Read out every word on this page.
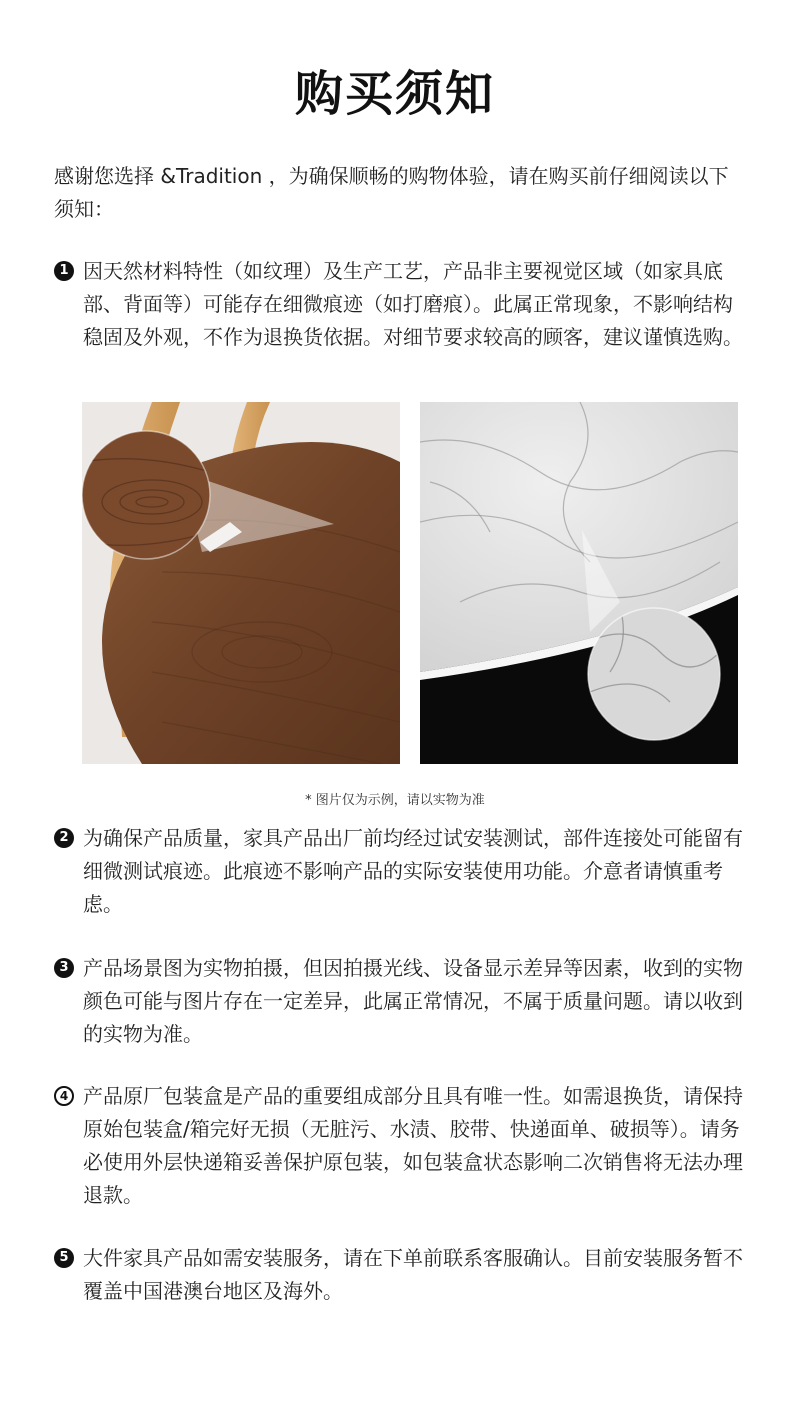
购买须知
感谢您选择 &Tradition ，为确保顺畅的购物体验，请在购买前仔细阅读以下须知：
1 因天然材料特性（如纹理）及生产工艺，产品非主要视觉区域（如家具底部、背面等）可能存在细微痕迹（如打磨痕）。此属正常现象，不影响结构稳固及外观，不作为退换货依据。对细节要求较高的顾客，建议谨慎选购。
* 图片仅为示例，请以实物为准
2 为确保产品质量，家具产品出厂前均经过试安装测试，部件连接处可能留有细微测试痕迹。此痕迹不影响产品的实际安装使用功能。介意者请慎重考虑。
3 产品场景图为实物拍摄，但因拍摄光线、设备显示差异等因素，收到的实物颜色可能与图片存在一定差异，此属正常情况，不属于质量问题。请以收到的实物为准。
4 产品原厂包装盒是产品的重要组成部分且具有唯一性。如需退换货，请保持原始包装盒/箱完好无损（无脏污、水渍、胶带、快递面单、破损等）。请务必使用外层快递箱妥善保护原包装，如包装盒状态影响二次销售将无法办理退款。
5 大件家具产品如需安装服务，请在下单前联系客服确认。目前安装服务暂不覆盖中国港澳台地区及海外。
